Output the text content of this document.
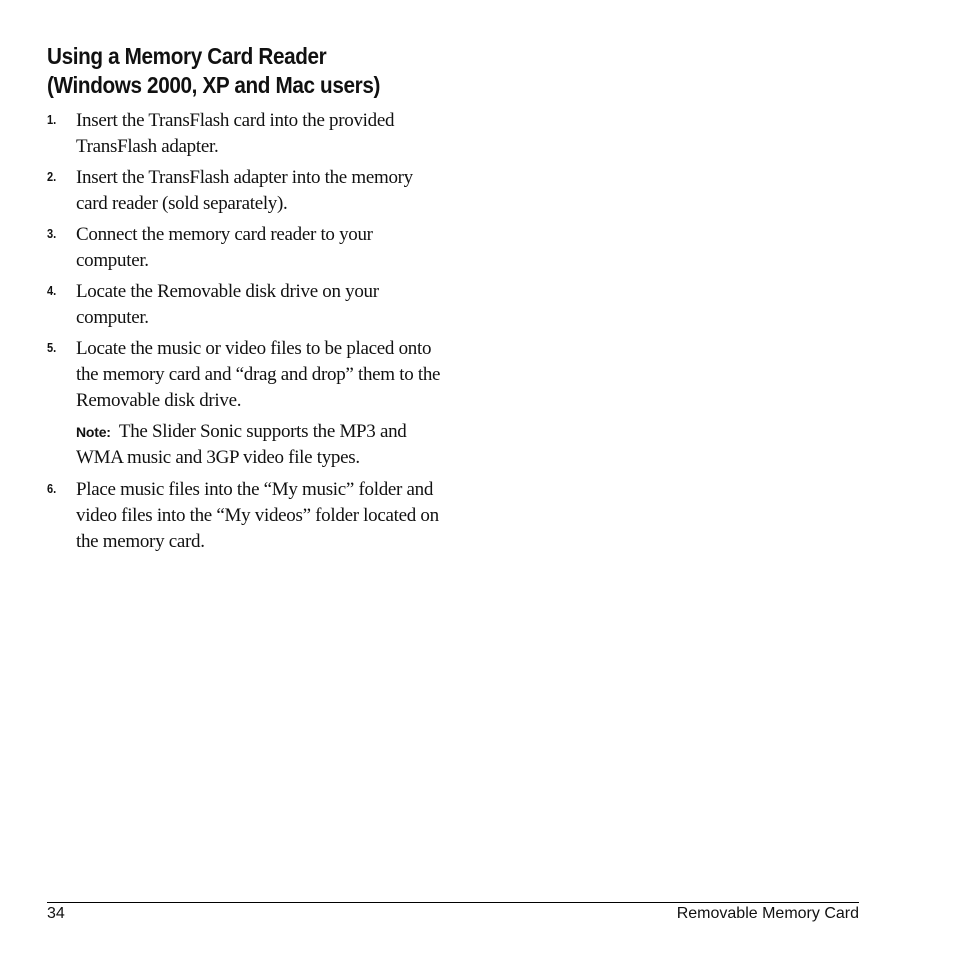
Using a Memory Card Reader
(Windows 2000, XP and Mac users)
1. Insert the TransFlash card into the provided TransFlash adapter.
2. Insert the TransFlash adapter into the memory card reader (sold separately).
3. Connect the memory card reader to your computer.
4. Locate the Removable disk drive on your computer.
5. Locate the music or video files to be placed onto the memory card and “drag and drop” them to the Removable disk drive.
Note: The Slider Sonic supports the MP3 and WMA music and 3GP video file types.
6. Place music files into the “My music” folder and video files into the “My videos” folder located on the memory card.
34	Removable Memory Card
